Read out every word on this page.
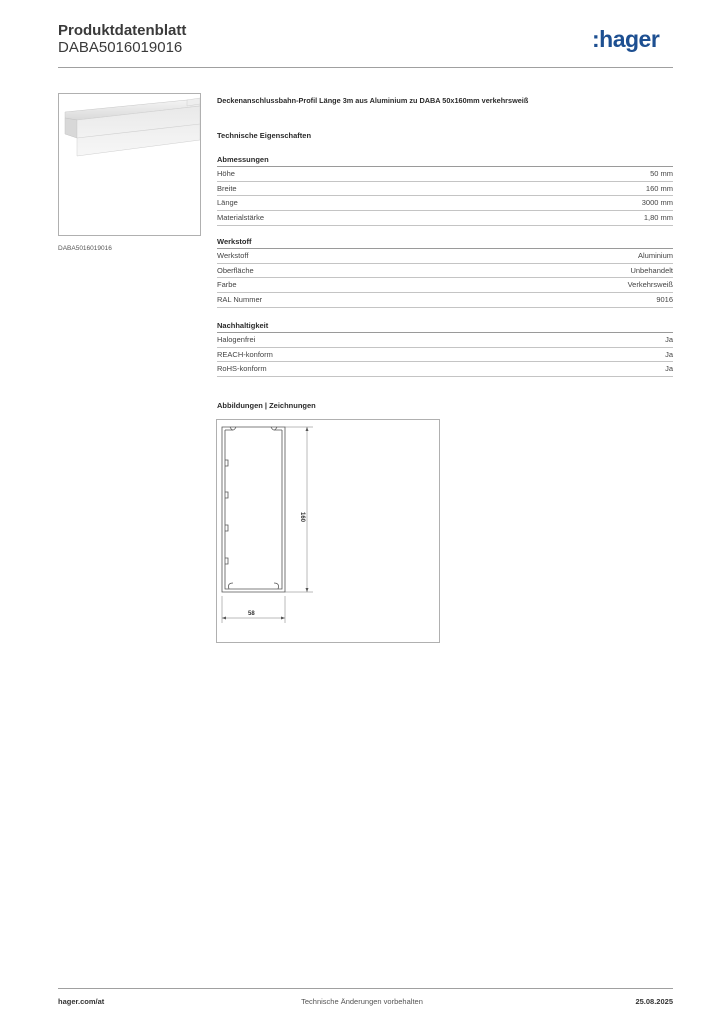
Produktdatenblatt
DABA5016019016	:hager
DABA5016019016
Deckenanschlussbahn-Profil Länge 3m aus Aluminium zu DABA 50x160mm verkehrsweiß
Technische Eigenschaften
Abmessungen
Höhe	50 mm
Breite	160 mm
Länge	3000 mm
Materialstärke	1,80 mm
Werkstoff
Werkstoff	Aluminium
Oberfläche	Unbehandelt
Farbe	Verkehrsweiß
RAL Nummer	9016
Nachhaltigkeit
Halogenfrei	Ja
REACH-konform	Ja
RoHS-konform	Ja
Abbildungen | Zeichnungen
160
58
hager.com/at	Technische Änderungen vorbehalten	25.08.2025
